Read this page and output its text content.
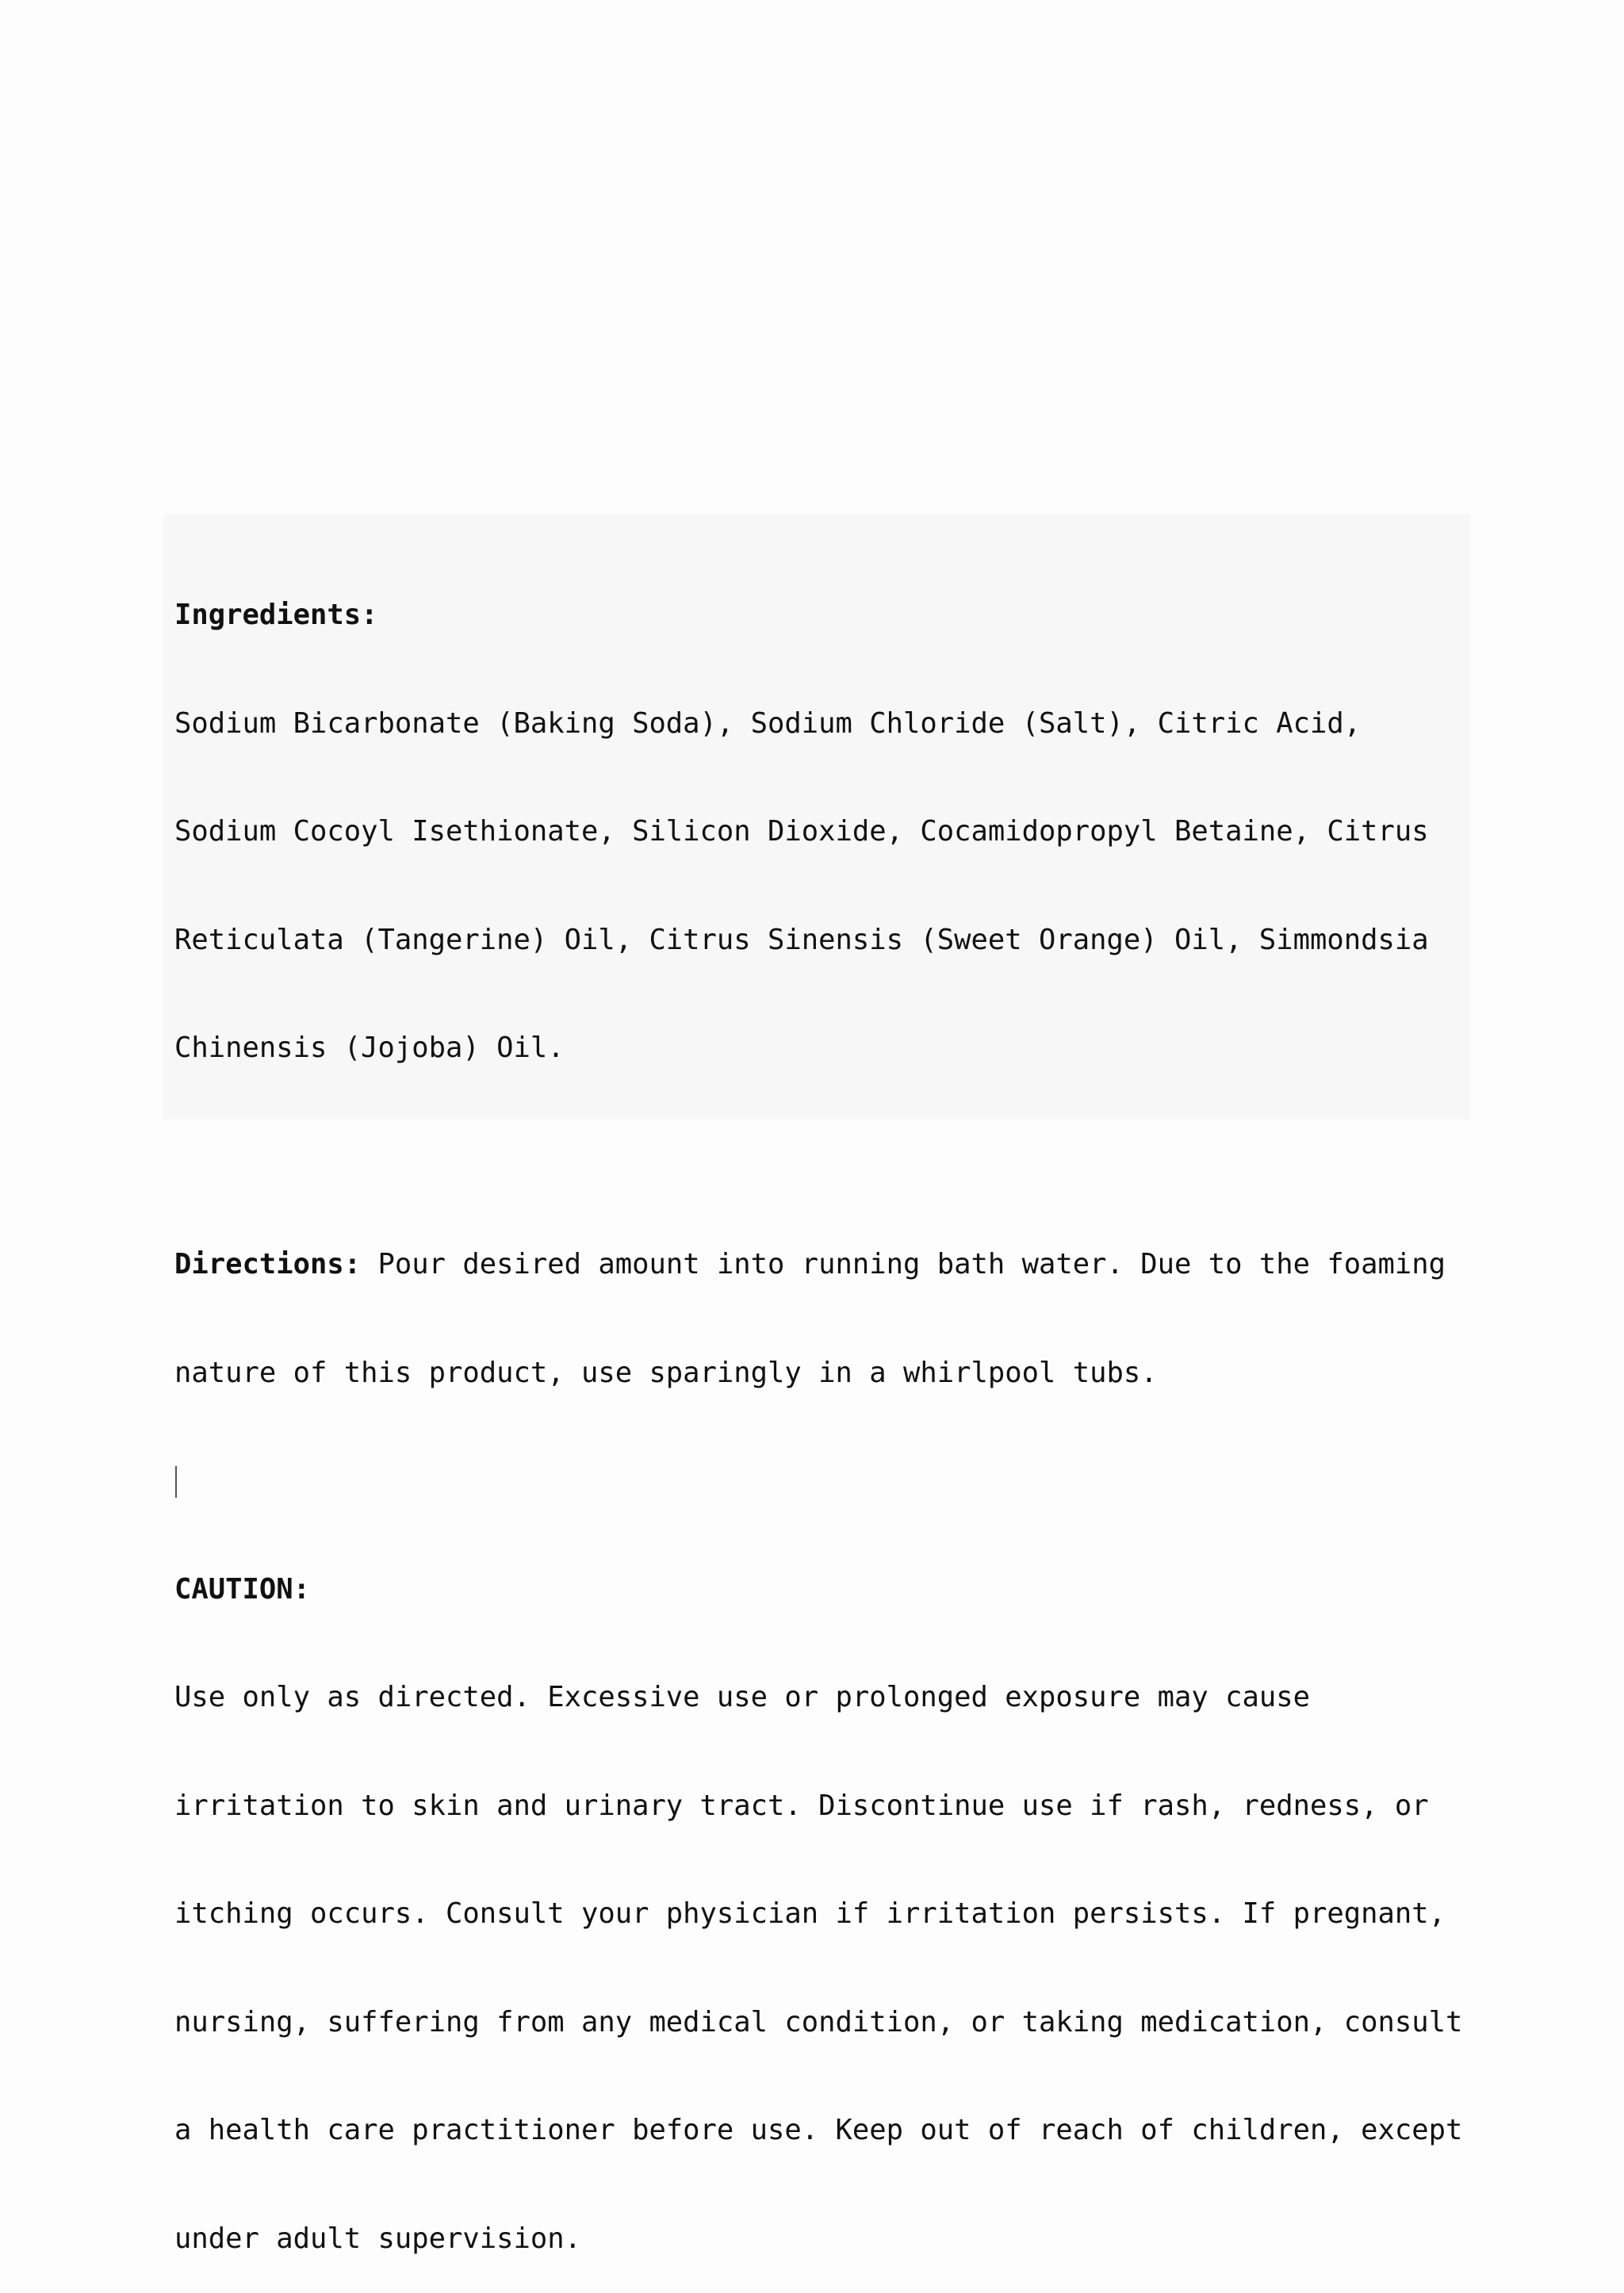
Ingredients:

Sodium Bicarbonate (Baking Soda), Sodium Chloride (Salt), Citric Acid,

Sodium Cocoyl Isethionate, Silicon Dioxide, Cocamidopropyl Betaine, Citrus

Reticulata (Tangerine) Oil, Citrus Sinensis (Sweet Orange) Oil, Simmondsia

Chinensis (Jojoba) Oil.

Directions: Pour desired amount into running bath water. Due to the foaming

nature of this product, use sparingly in a whirlpool tubs.

CAUTION:

Use only as directed. Excessive use or prolonged exposure may cause

irritation to skin and urinary tract. Discontinue use if rash, redness, or

itching occurs. Consult your physician if irritation persists. If pregnant,

nursing, suffering from any medical condition, or taking medication, consult

a health care practitioner before use. Keep out of reach of children, except

under adult supervision.
